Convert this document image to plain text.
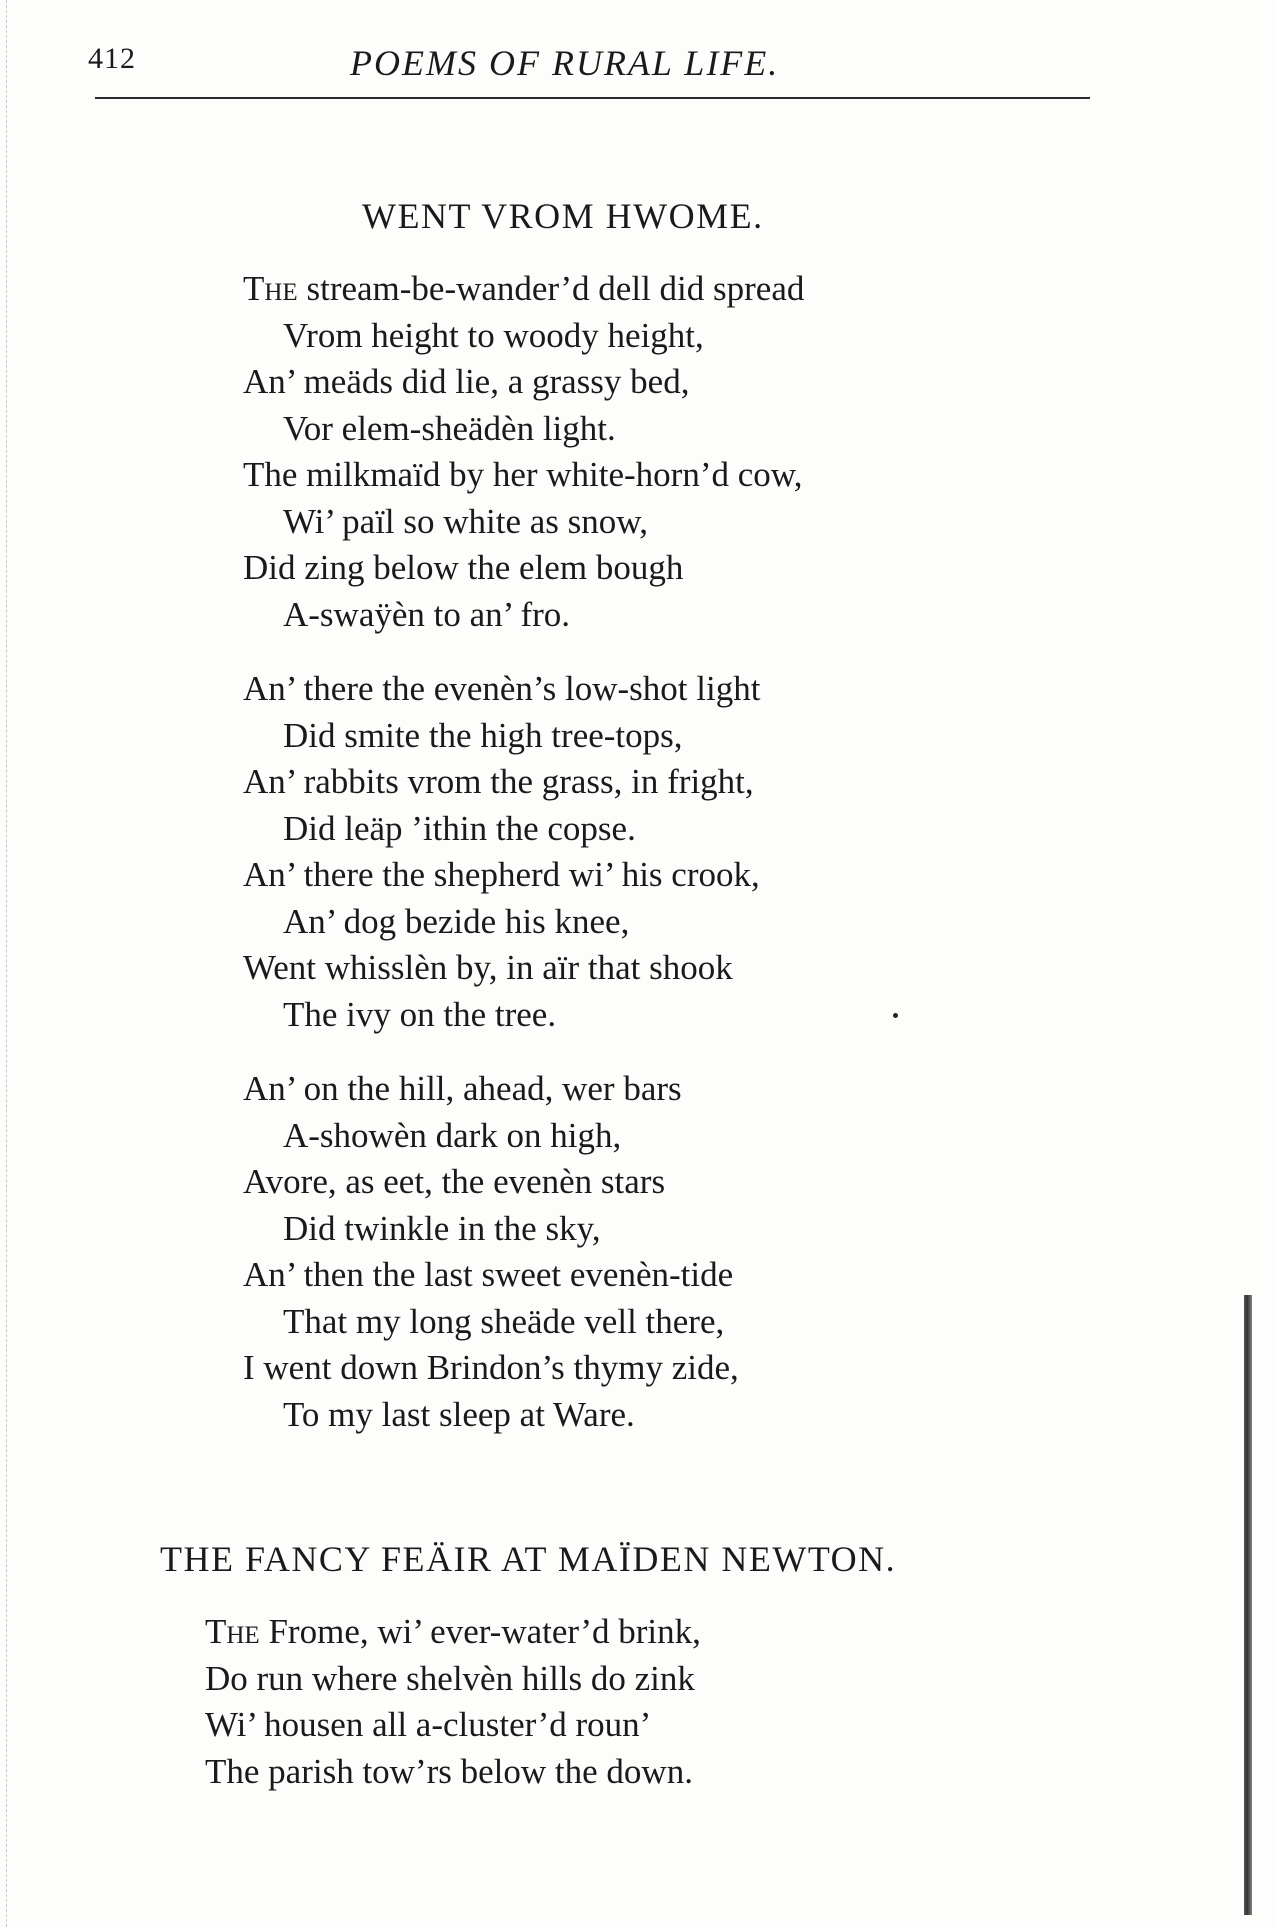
412	POEMS OF RURAL LIFE.
WENT VROM HWOME.
The stream-be-wander’d dell did spread
Vrom height to woody height,
An’ meäds did lie, a grassy bed,
Vor elem-sheädèn light.
The milkmaïd by her white-horn’d cow,
Wi’ païl so white as snow,
Did zing below the elem bough
A-swaÿèn to an’ fro.
An’ there the evenèn’s low-shot light
Did smite the high tree-tops,
An’ rabbits vrom the grass, in fright,
Did leäp ’ithin the copse.
An’ there the shepherd wi’ his crook,
An’ dog bezide his knee,
Went whisslèn by, in aïr that shook
The ivy on the tree.
An’ on the hill, ahead, wer bars
A-showèn dark on high,
Avore, as eet, the evenèn stars
Did twinkle in the sky,
An’ then the last sweet evenèn-tide
That my long sheäde vell there,
I went down Brindon’s thymy zide,
To my last sleep at Ware.
THE FANCY FEÄIR AT MAÏDEN NEWTON.
The Frome, wi’ ever-water’d brink,
Do run where shelvèn hills do zink
Wi’ housen all a-cluster’d roun’
The parish tow’rs below the down.
